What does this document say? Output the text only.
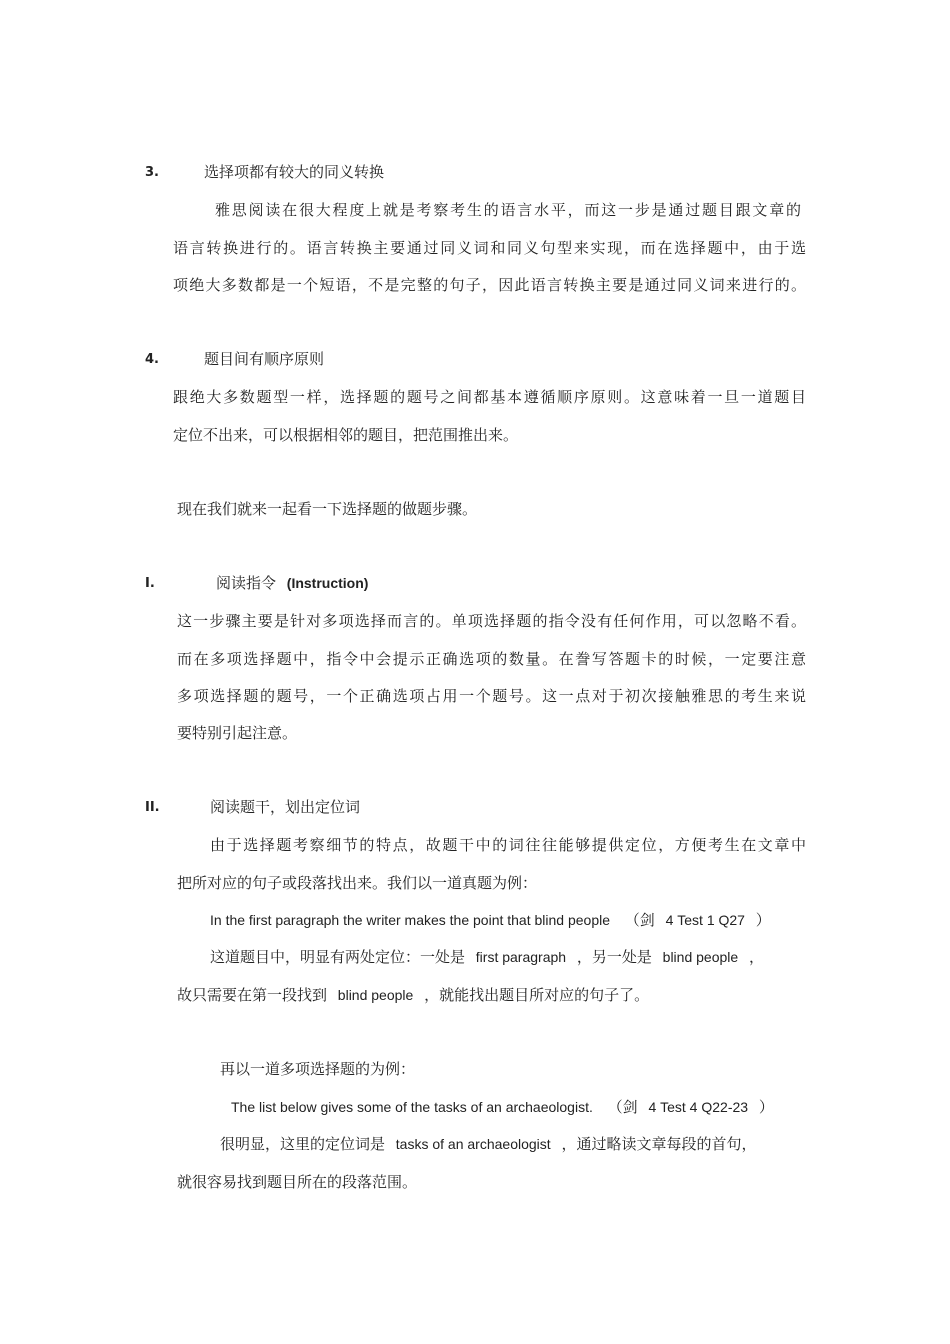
3.	选择项都有较大的同义转换
雅思阅读在很大程度上就是考察考生的语言水平，而这一步是通过题目跟文章的
语言转换进行的。语言转换主要通过同义词和同义句型来实现，而在选择题中，由于选
项绝大多数都是一个短语，不是完整的句子，因此语言转换主要是通过同义词来进行的。
4.	题目间有顺序原则
跟绝大多数题型一样，选择题的题号之间都基本遵循顺序原则。这意味着一旦一道题目
定位不出来，可以根据相邻的题目，把范围推出来。
现在我们就来一起看一下选择题的做题步骤。
I.	阅读指令 (Instruction)
这一步骤主要是针对多项选择而言的。单项选择题的指令没有任何作用，可以忽略不看。
而在多项选择题中，指令中会提示正确选项的数量。在誊写答题卡的时候，一定要注意
多项选择题的题号，一个正确选项占用一个题号。这一点对于初次接触雅思的考生来说
要特别引起注意。
II.	阅读题干，划出定位词
由于选择题考察细节的特点，故题干中的词往往能够提供定位，方便考生在文章中
把所对应的句子或段落找出来。我们以一道真题为例：
In the first paragraph the writer makes the point that blind people （剑 4 Test 1 Q27 ）
这道题目中，明显有两处定位：一处是 first paragraph ，另一处是 blind people ，
故只需要在第一段找到 blind people ，就能找出题目所对应的句子了。
再以一道多项选择题的为例：
The list below gives some of the tasks of an archaeologist. （剑 4 Test 4 Q22-23 ）
很明显，这里的定位词是 tasks of an archaeologist ，通过略读文章每段的首句，
就很容易找到题目所在的段落范围。
